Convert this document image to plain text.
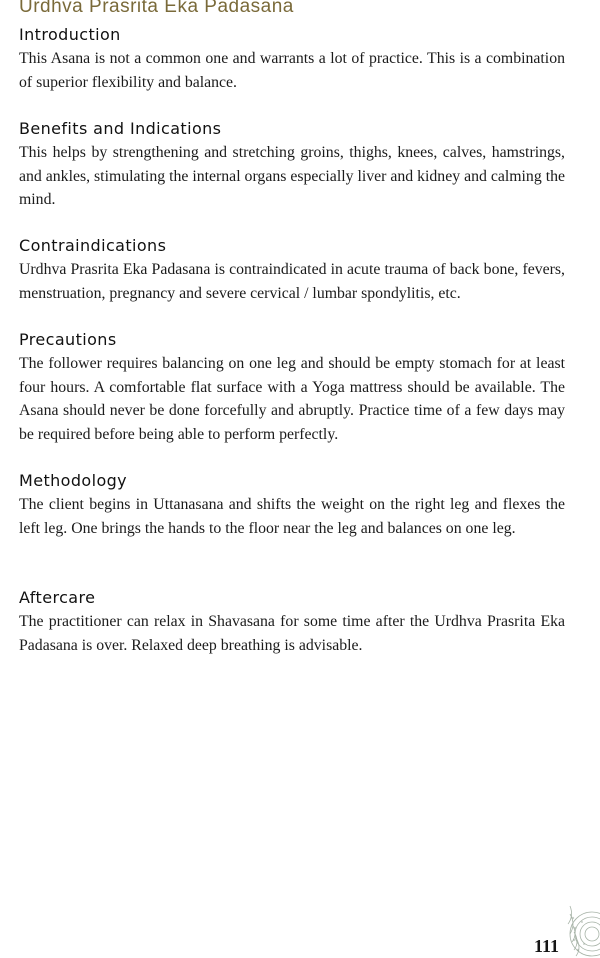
Urdhva Prasrita Eka Padasana
Introduction

This Asana is not a common one and warrants a lot of practice. This is a combination of superior flexibility and balance.

Benefits and Indications

This helps by strengthening and stretching groins, thighs, knees, calves, hamstrings, and ankles, stimulating the internal organs especially liver and kidney and calming the mind.

Contraindications

Urdhva Prasrita Eka Padasana is contraindicated in acute trauma of back bone, fevers, menstruation, pregnancy and severe cervical / lumbar spondylitis, etc.

Precautions

The follower requires balancing on one leg and should be empty stomach for at least four hours. A comfortable flat surface with a Yoga mattress should be available. The Asana should never be done forcefully and abruptly. Practice time of a few days may be required before being able to perform perfectly.

Methodology

The client begins in Uttanasana and shifts the weight on the right leg and flexes the left leg. One brings the hands to the floor near the leg and balances on one leg.

Aftercare

The practitioner can relax in Shavasana for some time after the Urdhva Prasrita Eka Padasana is over. Relaxed deep breathing is advisable.

111
